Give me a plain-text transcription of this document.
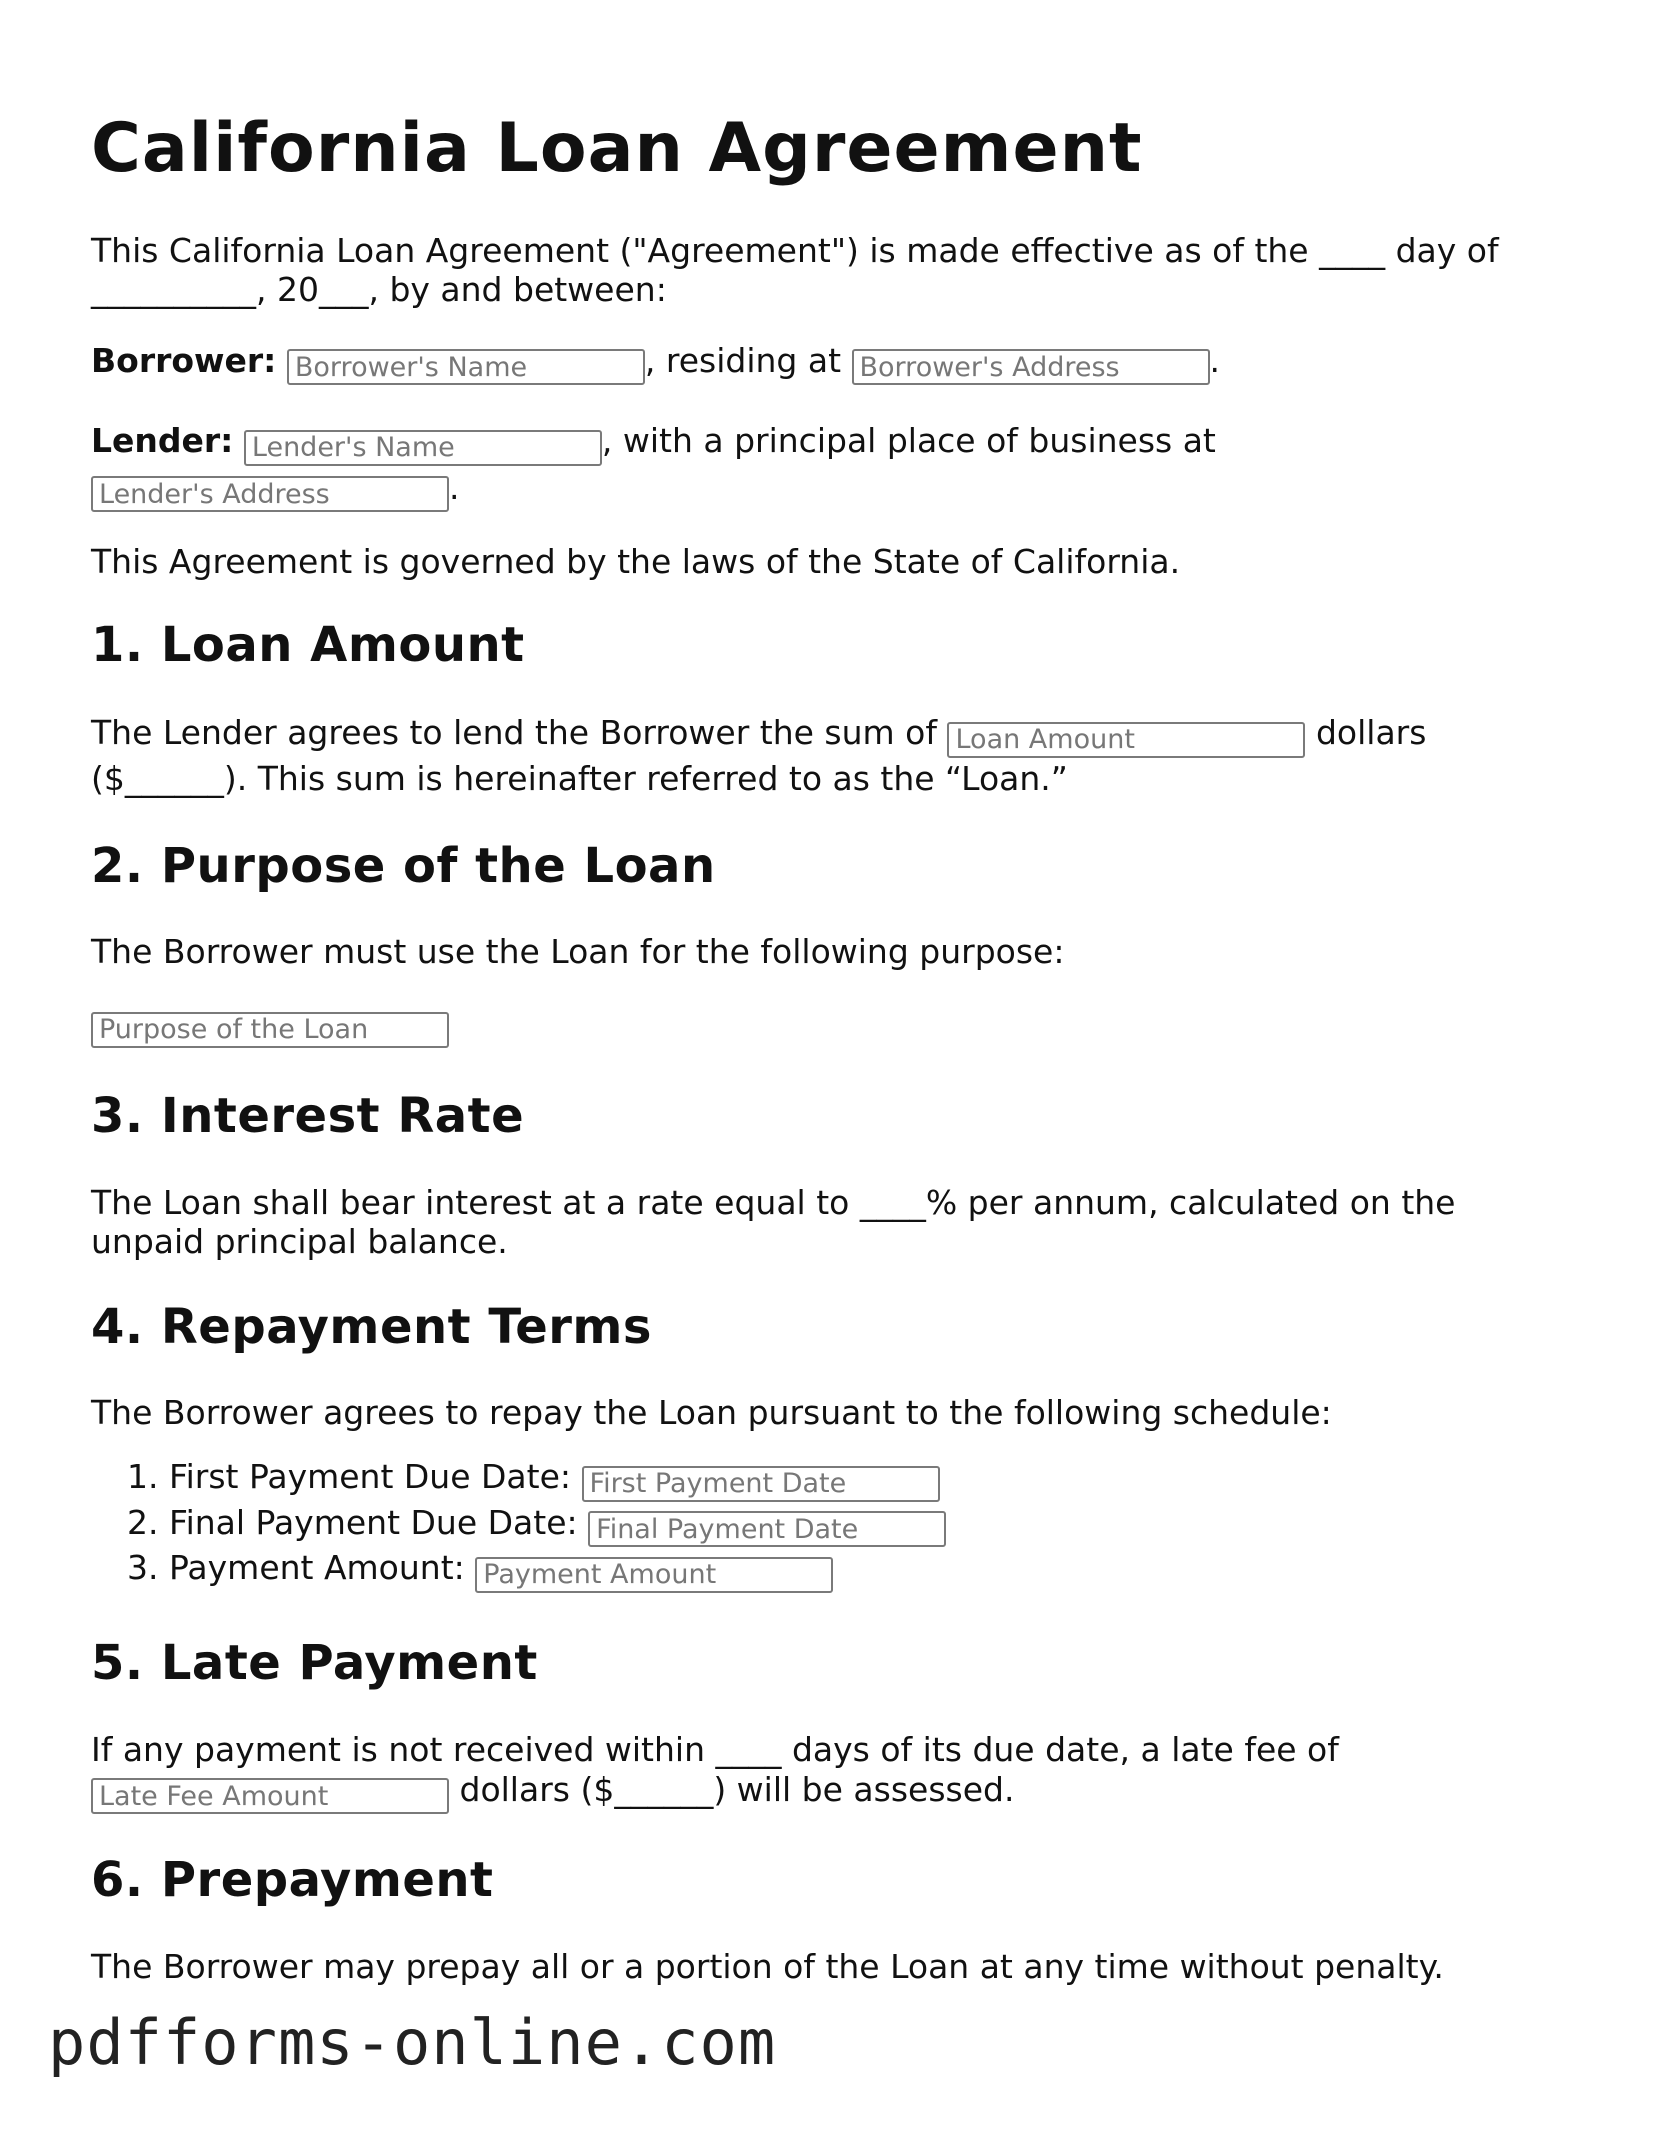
California Loan Agreement

This California Loan Agreement ("Agreement") is made effective as of the ____ day of __________, 20___, by and between:

Borrower: Borrower's Name	, residing at Borrower's Address	.

Lender: Lender's Name	, with a principal place of business at
Lender's Address.

This Agreement is governed by the laws of the State of California.

1. Loan Amount

The Lender agrees to lend the Borrower the sum of Loan Amount	dollars ($______). This sum is hereinafter referred to as the “Loan.”

2. Purpose of the Loan

The Borrower must use the Loan for the following purpose:

Purpose of the Loan

3. Interest Rate

The Loan shall bear interest at a rate equal to ____% per annum, calculated on the unpaid principal balance.

4. Repayment Terms

The Borrower agrees to repay the Loan pursuant to the following schedule:

1. First Payment Due Date: First Payment Date
2. Final Payment Due Date: Final Payment Date
3. Payment Amount: Payment Amount
5. Late Payment

If any payment is not received within ____ days of its due date, a late fee of
Late Fee Amount dollars ($______) will be assessed.

6. Prepayment

The Borrower may prepay all or a portion of the Loan at any time without penalty.

pdfforms-online.com
